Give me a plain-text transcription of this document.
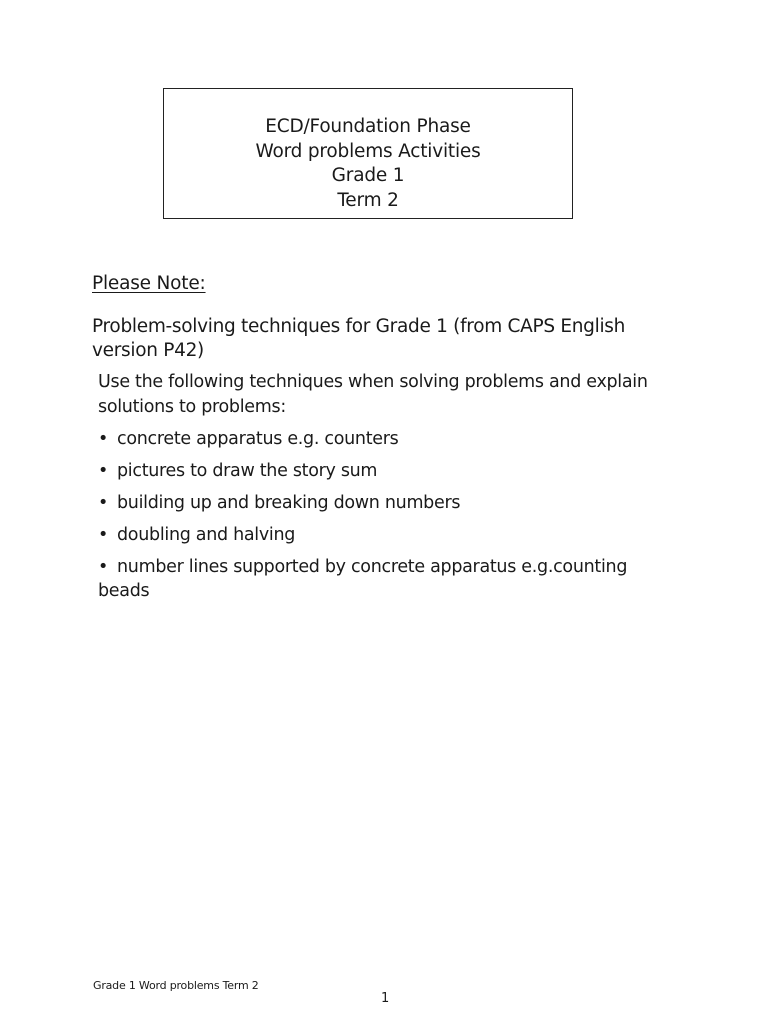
ECD/Foundation Phase
Word problems Activities
Grade 1
Term 2
Please Note:
Problem-solving techniques for Grade 1 (from CAPS English version P42)
Use the following techniques when solving problems and explain solutions to problems:
• concrete apparatus e.g. counters
• pictures to draw the story sum
• building up and breaking down numbers
• doubling and halving
• number lines supported by concrete apparatus e.g.counting beads
Grade 1 Word problems Term 2
1
